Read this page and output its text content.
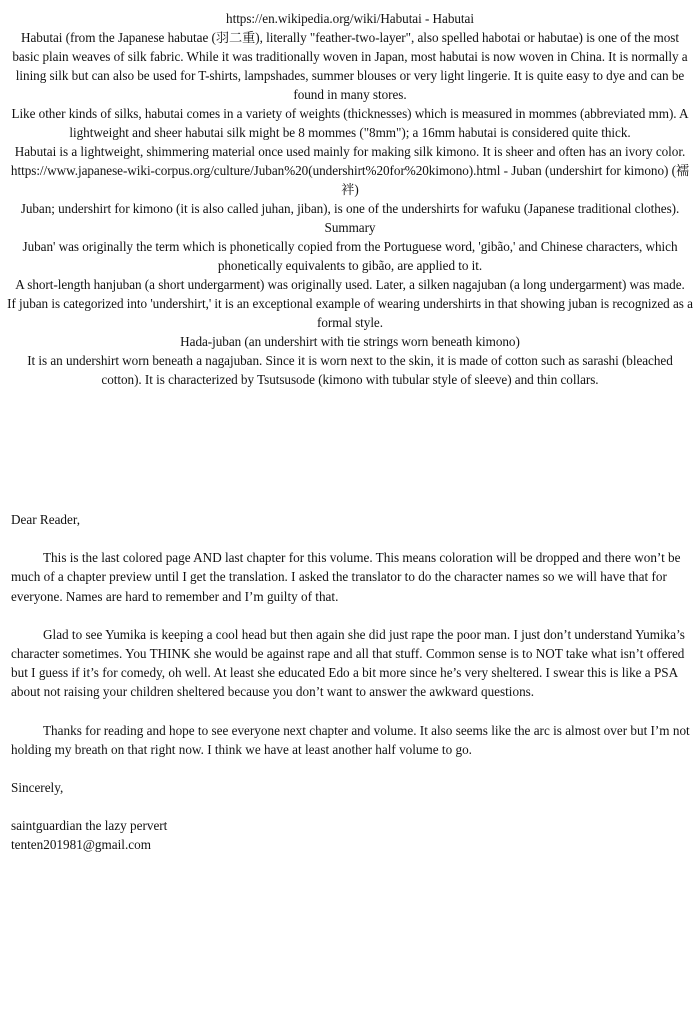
https://en.wikipedia.org/wiki/Habutai - Habutai

Habutai (from the Japanese habutae (羽二重), literally "feather-two-layer", also spelled habotai or habutae) is one of the most basic plain weaves of silk fabric. While it was traditionally woven in Japan, most habutai is now woven in China. It is normally a lining silk but can also be used for T-shirts, lampshades, summer blouses or very light lingerie. It is quite easy to dye and can be found in many stores.

Like other kinds of silks, habutai comes in a variety of weights (thicknesses) which is measured in mommes (abbreviated mm). A lightweight and sheer habutai silk might be 8 mommes ("8mm"); a 16mm habutai is considered quite thick.

Habutai is a lightweight, shimmering material once used mainly for making silk kimono. It is sheer and often has an ivory color.

https://www.japanese-wiki-corpus.org/culture/Juban%20(undershirt%20for%20kimono).html - Juban (undershirt for kimono) (襦袢)

Juban; undershirt for kimono (it is also called juhan, jiban), is one of the undershirts for wafuku (Japanese traditional clothes).

Summary

Juban' was originally the term which is phonetically copied from the Portuguese word, 'gibão,' and Chinese characters, which phonetically equivalents to gibão, are applied to it.

A short-length hanjuban (a short undergarment) was originally used. Later, a silken nagajuban (a long undergarment) was made.

If juban is categorized into 'undershirt,' it is an exceptional example of wearing undershirts in that showing juban is recognized as a formal style.

Hada-juban (an undershirt with tie strings worn beneath kimono)

It is an undershirt worn beneath a nagajuban. Since it is worn next to the skin, it is made of cotton such as sarashi (bleached cotton). It is characterized by Tsutsusode (kimono with tubular style of sleeve) and thin collars.

Dear Reader,

This is the last colored page AND last chapter for this volume. This means coloration will be dropped and there won’t be much of a chapter preview until I get the translation. I asked the translator to do the character names so we will have that for everyone. Names are hard to remember and I’m guilty of that.

Glad to see Yumika is keeping a cool head but then again she did just rape the poor man. I just don’t understand Yumika’s character sometimes. You THINK she would be against rape and all that stuff. Common sense is to NOT take what isn’t offered but I guess if it’s for comedy, oh well. At least she educated Edo a bit more since he’s very sheltered. I swear this is like a PSA about not raising your children sheltered because you don’t want to answer the awkward questions.

Thanks for reading and hope to see everyone next chapter and volume. It also seems like the arc is almost over but I’m not holding my breath on that right now. I think we have at least another half volume to go.

Sincerely,

saintguardian the lazy pervert

tenten201981@gmail.com
